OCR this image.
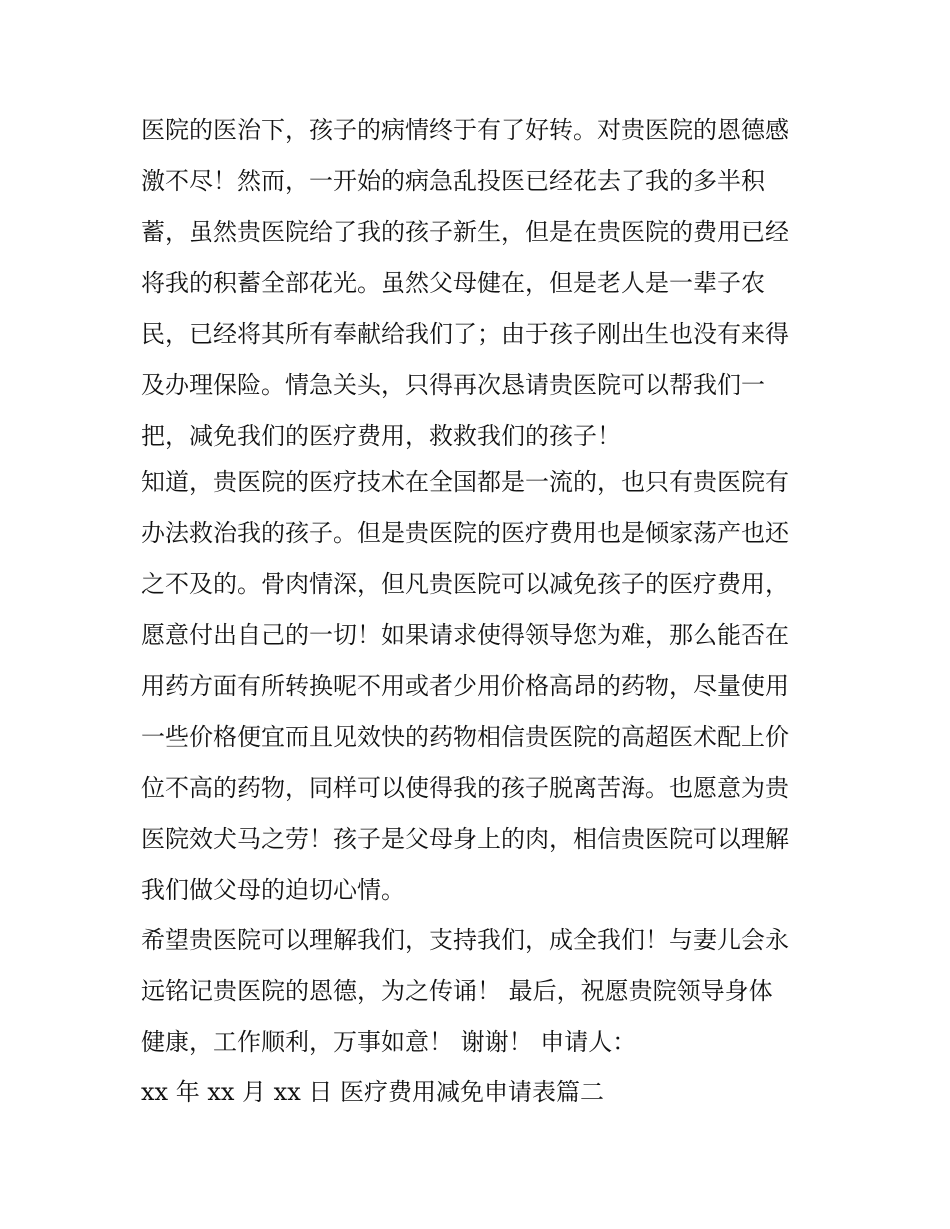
医院的医治下，孩子的病情终于有了好转。对贵医院的恩德感
激不尽！然而，一开始的病急乱投医已经花去了我的多半积
蓄，虽然贵医院给了我的孩子新生，但是在贵医院的费用已经
将我的积蓄全部花光。虽然父母健在，但是老人是一辈子农
民，已经将其所有奉献给我们了；由于孩子刚出生也没有来得
及办理保险。情急关头，只得再次恳请贵医院可以帮我们一
把，减免我们的医疗费用，救救我们的孩子！
知道，贵医院的医疗技术在全国都是一流的，也只有贵医院有
办法救治我的孩子。但是贵医院的医疗费用也是倾家荡产也还
之不及的。骨肉情深，但凡贵医院可以减免孩子的医疗费用，
愿意付出自己的一切！如果请求使得领导您为难，那么能否在
用药方面有所转换呢不用或者少用价格高昂的药物，尽量使用
一些价格便宜而且见效快的药物相信贵医院的高超医术配上价
位不高的药物，同样可以使得我的孩子脱离苦海。也愿意为贵
医院效犬马之劳！孩子是父母身上的肉，相信贵医院可以理解
我们做父母的迫切心情。
希望贵医院可以理解我们，支持我们，成全我们！与妻儿会永
远铭记贵医院的恩德，为之传诵！ 最后，祝愿贵院领导身体
健康，工作顺利，万事如意！ 谢谢！ 申请人：
xx 年 xx 月 xx 日 医疗费用减免申请表篇二
